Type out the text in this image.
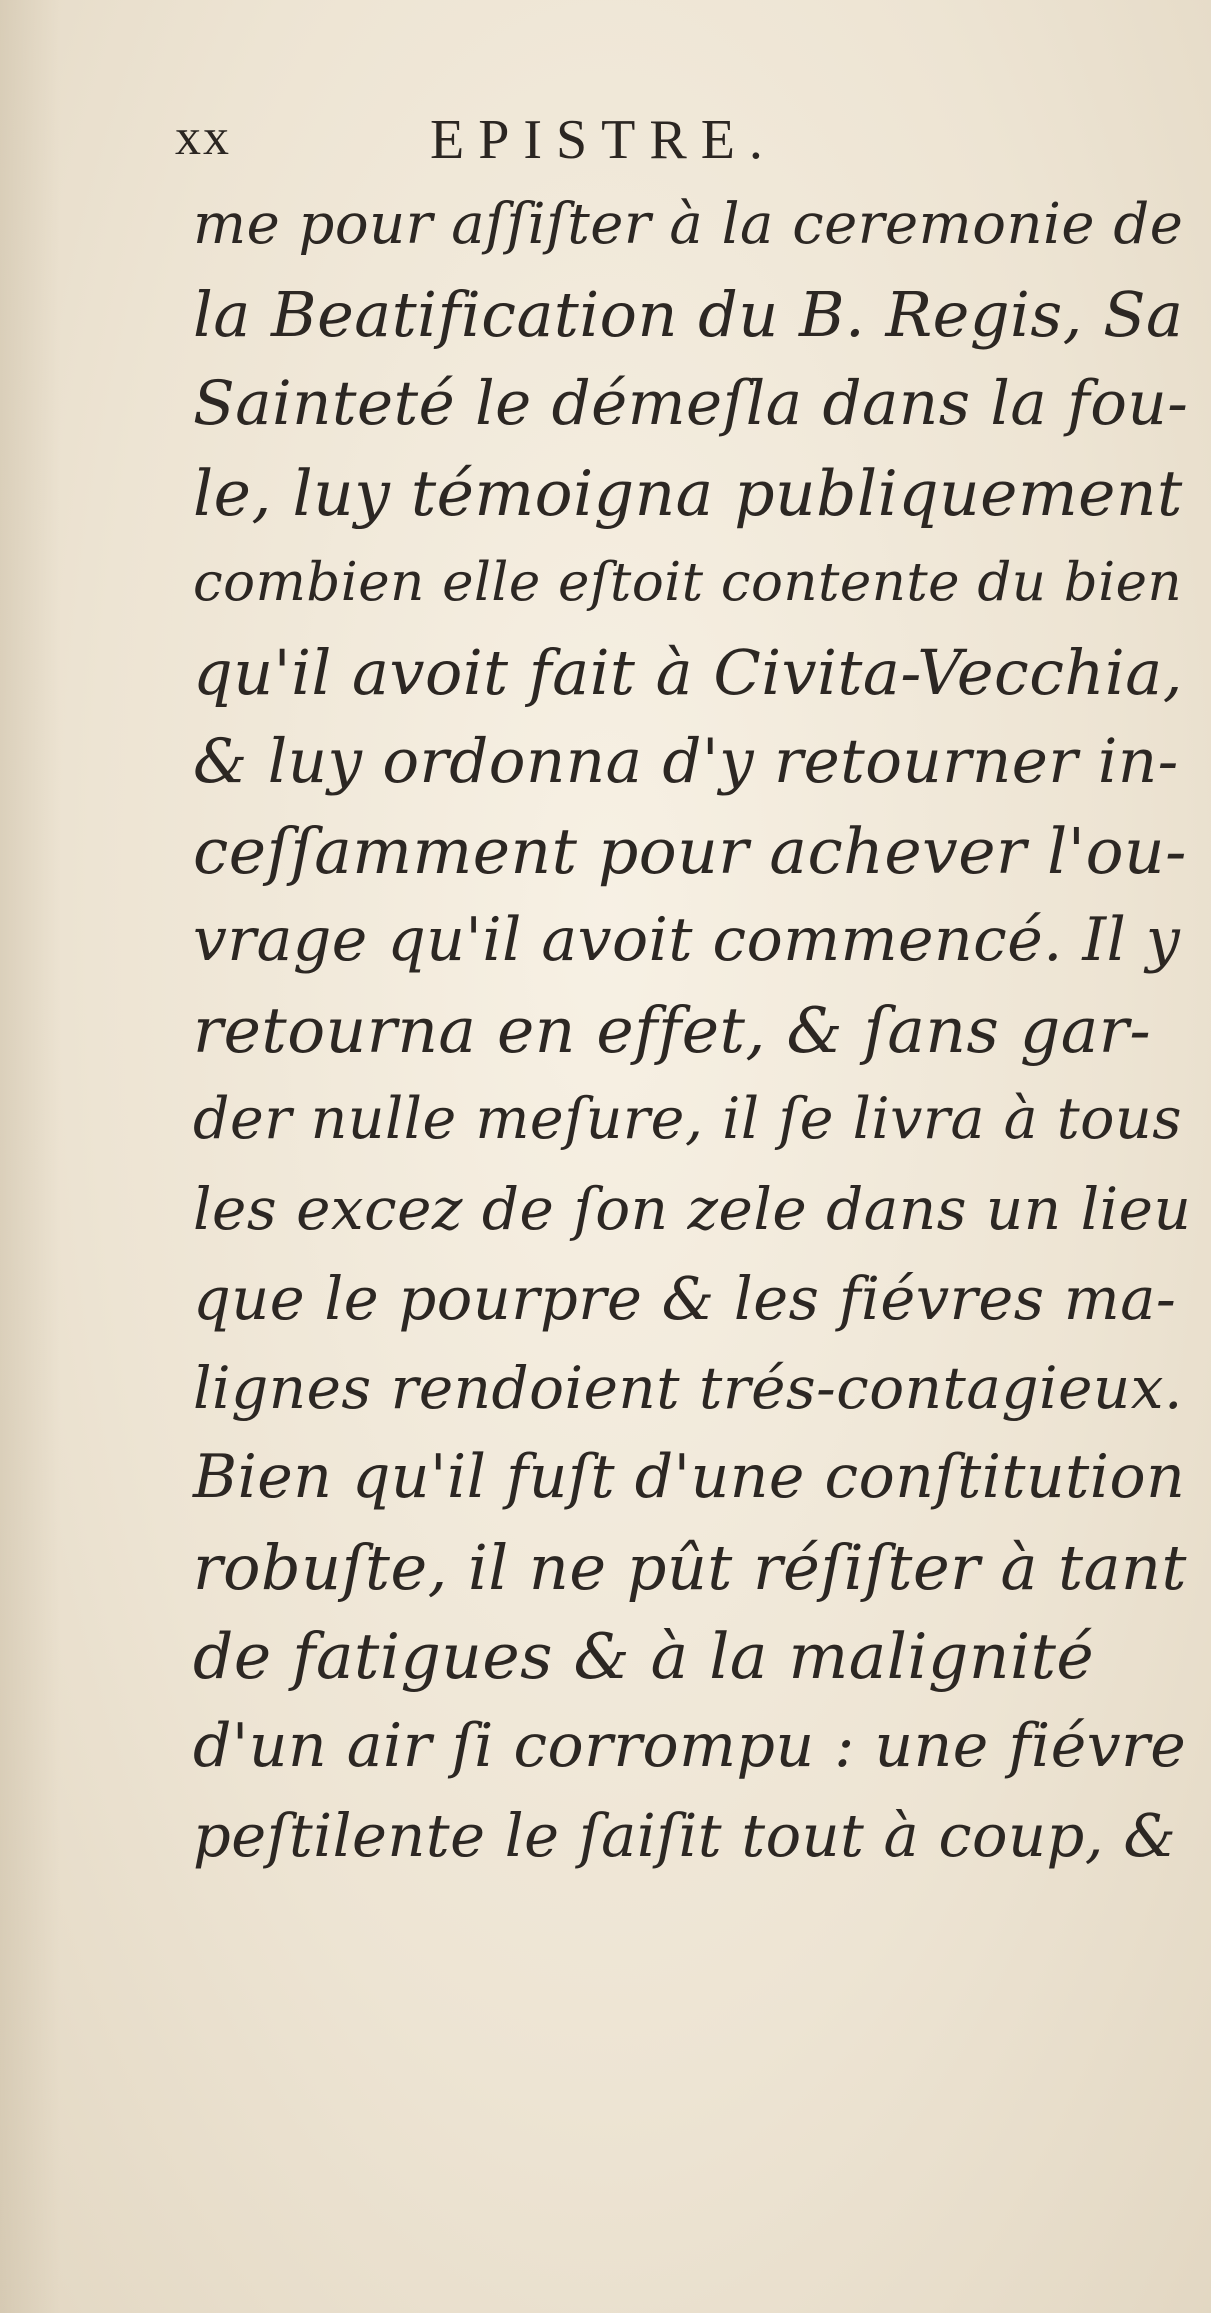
xx	EPISTRE.
me pour aſſiſter à la ceremonie de
la Beatification du B. Regis, Sa
Sainteté le démeſla dans la fou-
le, luy témoigna publiquement
combien elle eſtoit contente du bien
qu'il avoit fait à Civita-Vecchia,
& luy ordonna d'y retourner in-
ceſſamment pour achever l'ou-
vrage qu'il avoit commencé. Il y
retourna en effet, & ſans gar-
der nulle meſure, il ſe livra à tous
les excez de ſon zele dans un lieu
que le pourpre & les fiévres ma-
lignes rendoient trés-contagieux.
Bien qu'il fuſt d'une conſtitution
robuſte, il ne pût réſiſter à tant
de fatigues & à la malignité
d'un air ſi corrompu : une fiévre
peſtilente le ſaiſit tout à coup, &
